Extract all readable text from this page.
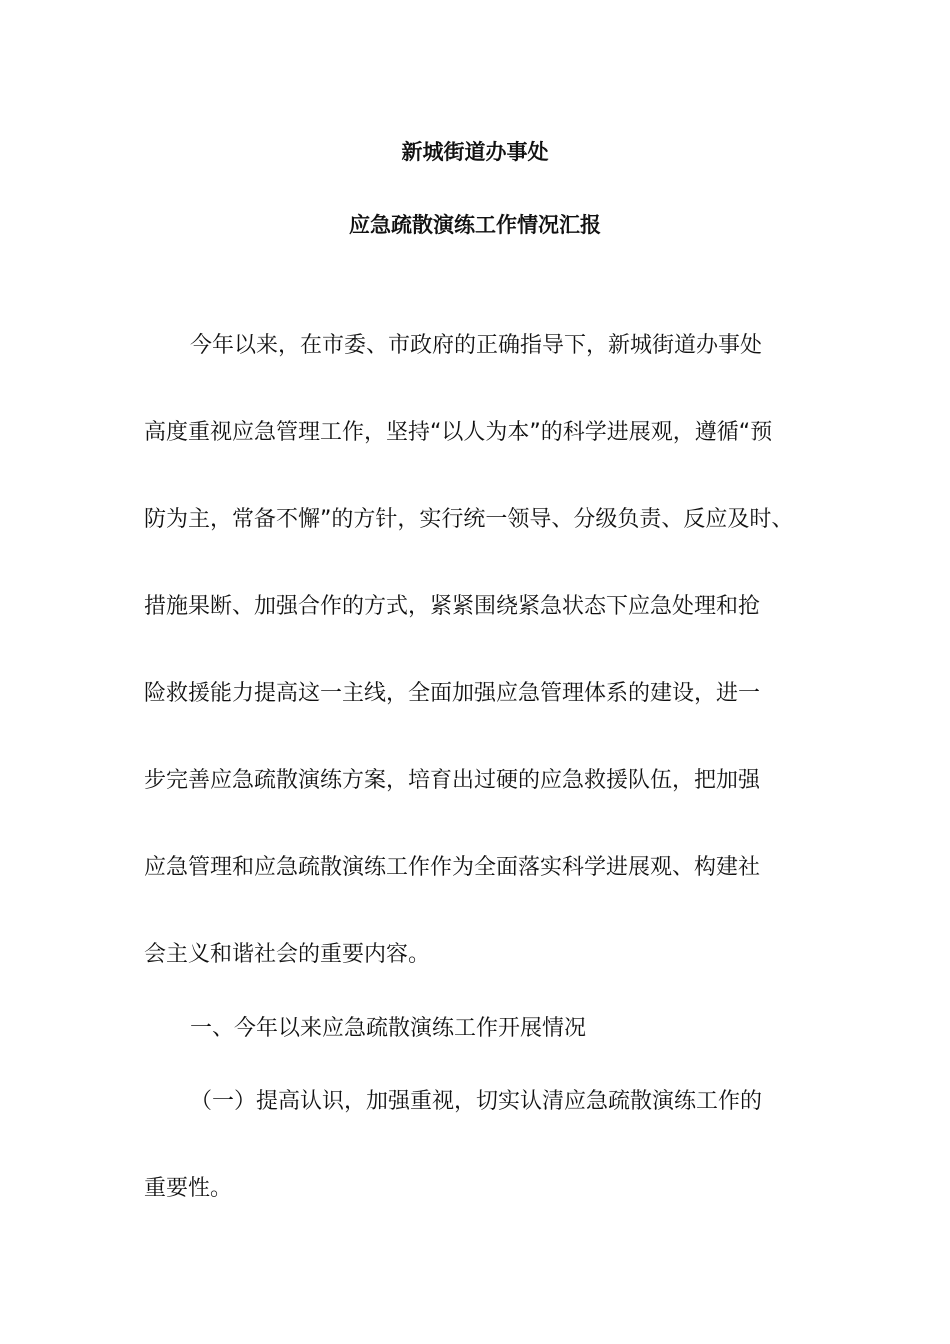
新城街道办事处
应急疏散演练工作情况汇报
今年以来，在市委、市政府的正确指导下，新城街道办事处
高度重视应急管理工作，坚持“以人为本”的科学进展观，遵循“预
防为主，常备不懈”的方针，实行统一领导、分级负责、反应及时、
措施果断、加强合作的方式，紧紧围绕紧急状态下应急处理和抢
险救援能力提高这一主线，全面加强应急管理体系的建设，进一
步完善应急疏散演练方案，培育出过硬的应急救援队伍，把加强
应急管理和应急疏散演练工作作为全面落实科学进展观、构建社
会主义和谐社会的重要内容。
一、今年以来应急疏散演练工作开展情况
（一）提高认识，加强重视，切实认清应急疏散演练工作的
重要性。
